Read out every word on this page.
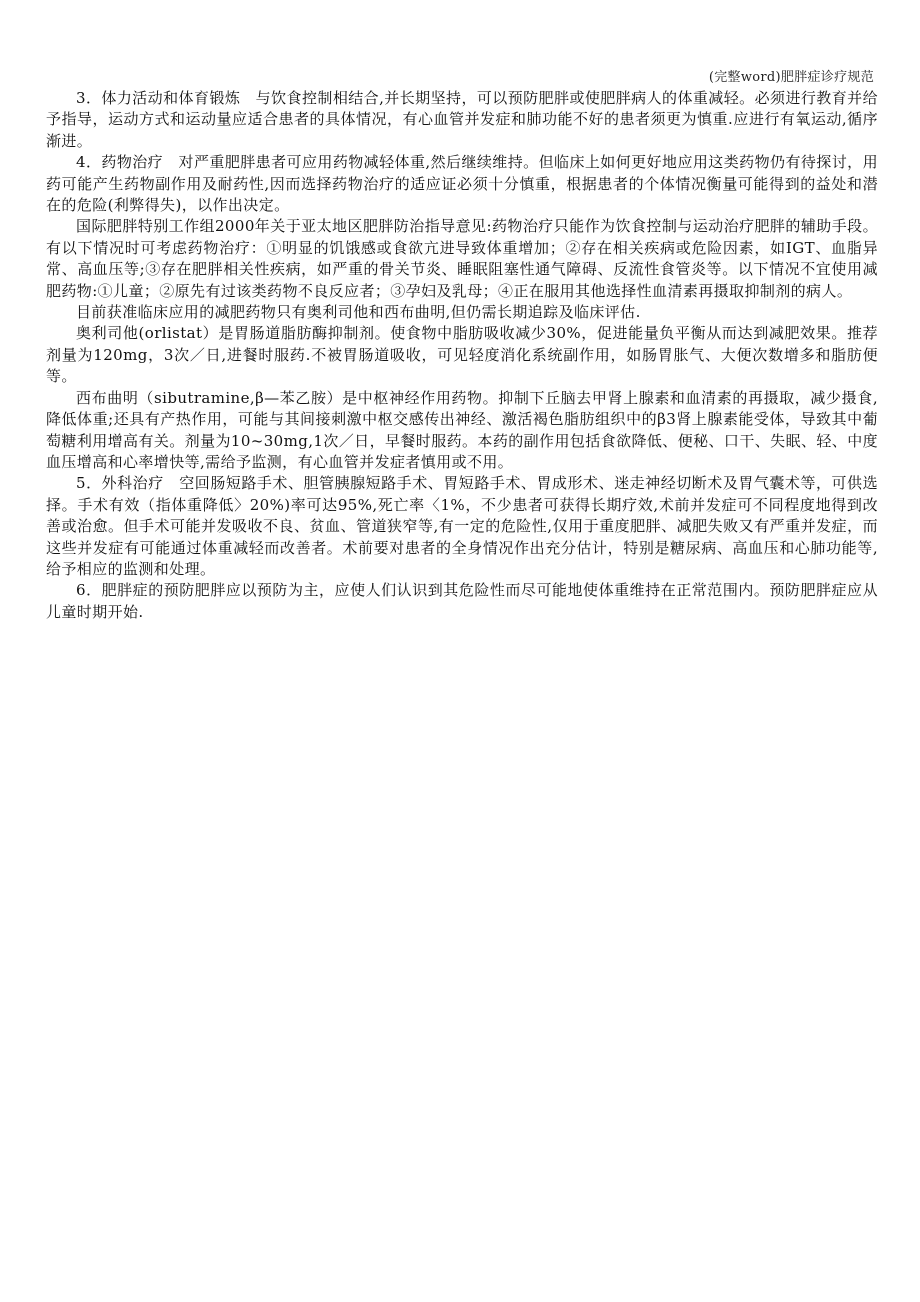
(完整word)肥胖症诊疗规范

3．体力活动和体育锻炼　与饮食控制相结合,并长期坚持，可以预防肥胖或使肥胖病人的体重减轻。必须进行教育并给予指导，运动方式和运动量应适合患者的具体情况，有心血管并发症和肺功能不好的患者须更为慎重.应进行有氧运动,循序渐进。

4．药物治疗　对严重肥胖患者可应用药物减轻体重,然后继续维持。但临床上如何更好地应用这类药物仍有待探讨，用药可能产生药物副作用及耐药性,因而选择药物治疗的适应证必须十分慎重，根据患者的个体情况衡量可能得到的益处和潜在的危险(利弊得失)，以作出决定。

国际肥胖特别工作组2000年关于亚太地区肥胖防治指导意见:药物治疗只能作为饮食控制与运动治疗肥胖的辅助手段。有以下情况时可考虑药物治疗：①明显的饥饿感或食欲亢进导致体重增加；②存在相关疾病或危险因素，如IGT、血脂异常、高血压等;③存在肥胖相关性疾病，如严重的骨关节炎、睡眠阻塞性通气障碍、反流性食管炎等。以下情况不宜使用减肥药物:①儿童；②原先有过该类药物不良反应者；③孕妇及乳母；④正在服用其他选择性血清素再摄取抑制剂的病人。

目前获准临床应用的减肥药物只有奥利司他和西布曲明,但仍需长期追踪及临床评估.

奥利司他(orlistat）是胃肠道脂肪酶抑制剂。使食物中脂肪吸收减少30%，促进能量负平衡从而达到减肥效果。推荐剂量为120mg，3次／日,进餐时服药.不被胃肠道吸收，可见轻度消化系统副作用，如肠胃胀气、大便次数增多和脂肪便等。

西布曲明（sibutramine,β—苯乙胺）是中枢神经作用药物。抑制下丘脑去甲肾上腺素和血清素的再摄取，减少摄食,降低体重;还具有产热作用，可能与其间接刺激中枢交感传出神经、激活褐色脂肪组织中的β3肾上腺素能受体，导致其中葡萄糖利用增高有关。剂量为10~30mg,1次／日，早餐时服药。本药的副作用包括食欲降低、便秘、口干、失眠、轻、中度血压增高和心率增快等,需给予监测，有心血管并发症者慎用或不用。

5．外科治疗　空回肠短路手术、胆管胰腺短路手术、胃短路手术、胃成形术、迷走神经切断术及胃气囊术等，可供选择。手术有效（指体重降低〉20%)率可达95%,死亡率〈1%，不少患者可获得长期疗效,术前并发症可不同程度地得到改善或治愈。但手术可能并发吸收不良、贫血、管道狭窄等,有一定的危险性,仅用于重度肥胖、减肥失败又有严重并发症，而这些并发症有可能通过体重减轻而改善者。术前要对患者的全身情况作出充分估计，特别是糖尿病、高血压和心肺功能等,给予相应的监测和处理。

6．肥胖症的预防肥胖应以预防为主，应使人们认识到其危险性而尽可能地使体重维持在正常范围内。预防肥胖症应从儿童时期开始.
